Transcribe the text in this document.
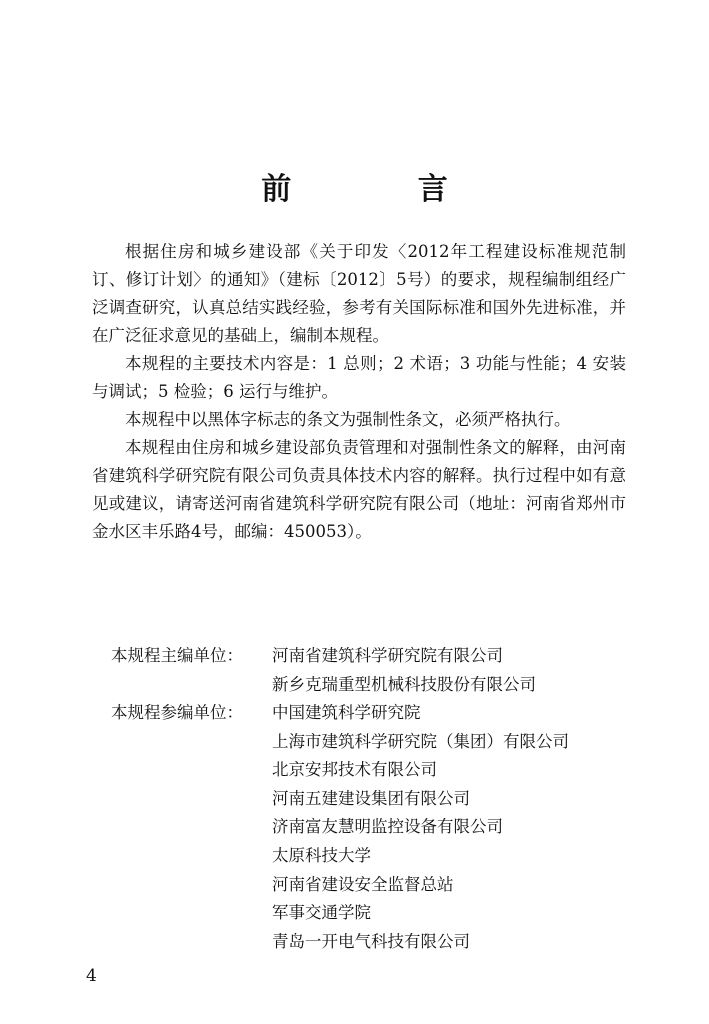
前 言

根据住房和城乡建设部《关于印发〈2012年工程建设标准规范制订、修订计划〉的通知》（建标〔2012〕5号）的要求，规程编制组经广泛调查研究，认真总结实践经验，参考有关国际标准和国外先进标准，并在广泛征求意见的基础上，编制本规程。

本规程的主要技术内容是：1 总则；2 术语；3 功能与性能；4 安装与调试；5 检验；6 运行与维护。

本规程中以黑体字标志的条文为强制性条文，必须严格执行。

本规程由住房和城乡建设部负责管理和对强制性条文的解释，由河南省建筑科学研究院有限公司负责具体技术内容的解释。执行过程中如有意见或建议，请寄送河南省建筑科学研究院有限公司（地址：河南省郑州市金水区丰乐路4号，邮编：450053）。

本规程主编单位：	河南省建筑科学研究院有限公司
新乡克瑞重型机械科技股份有限公司
本规程参编单位：	中国建筑科学研究院
上海市建筑科学研究院（集团）有限公司
北京安邦技术有限公司
河南五建建设集团有限公司
济南富友慧明监控设备有限公司
太原科技大学
河南省建设安全监督总站
军事交通学院
青岛一开电气科技有限公司
4
